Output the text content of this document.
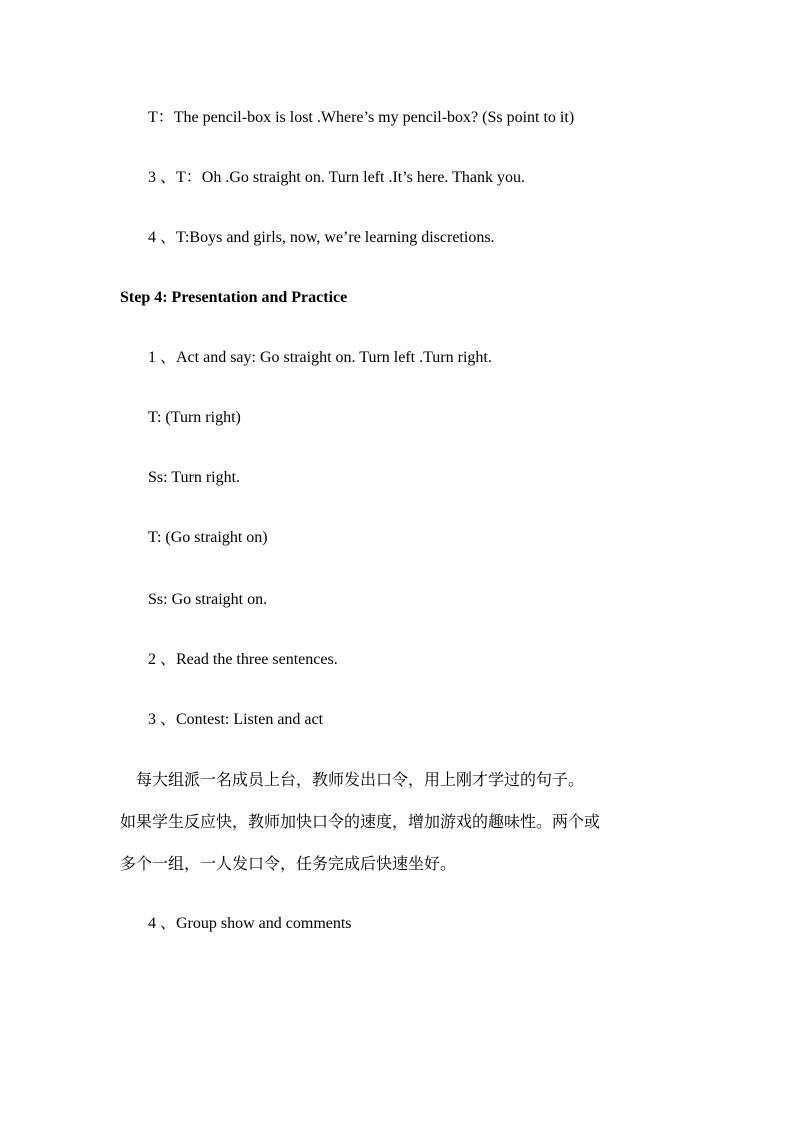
T：The pencil-box is lost .Where’s my pencil-box? (Ss point to it)
3 、T：Oh .Go straight on. Turn left .It’s here. Thank you.
4 、T:Boys and girls, now, we’re learning discretions.
Step 4: Presentation and Practice
1 、Act and say: Go straight on. Turn left .Turn right.
T: (Turn right)
Ss: Turn right.
T: (Go straight on)
Ss: Go straight on.
2 、Read the three sentences.
3 、Contest: Listen and act
　每大组派一名成员上台，教师发出口令，用上刚才学过的句子。
如果学生反应快，教师加快口令的速度，增加游戏的趣味性。两个或
多个一组，一人发口令，任务完成后快速坐好。
4 、Group show and comments
